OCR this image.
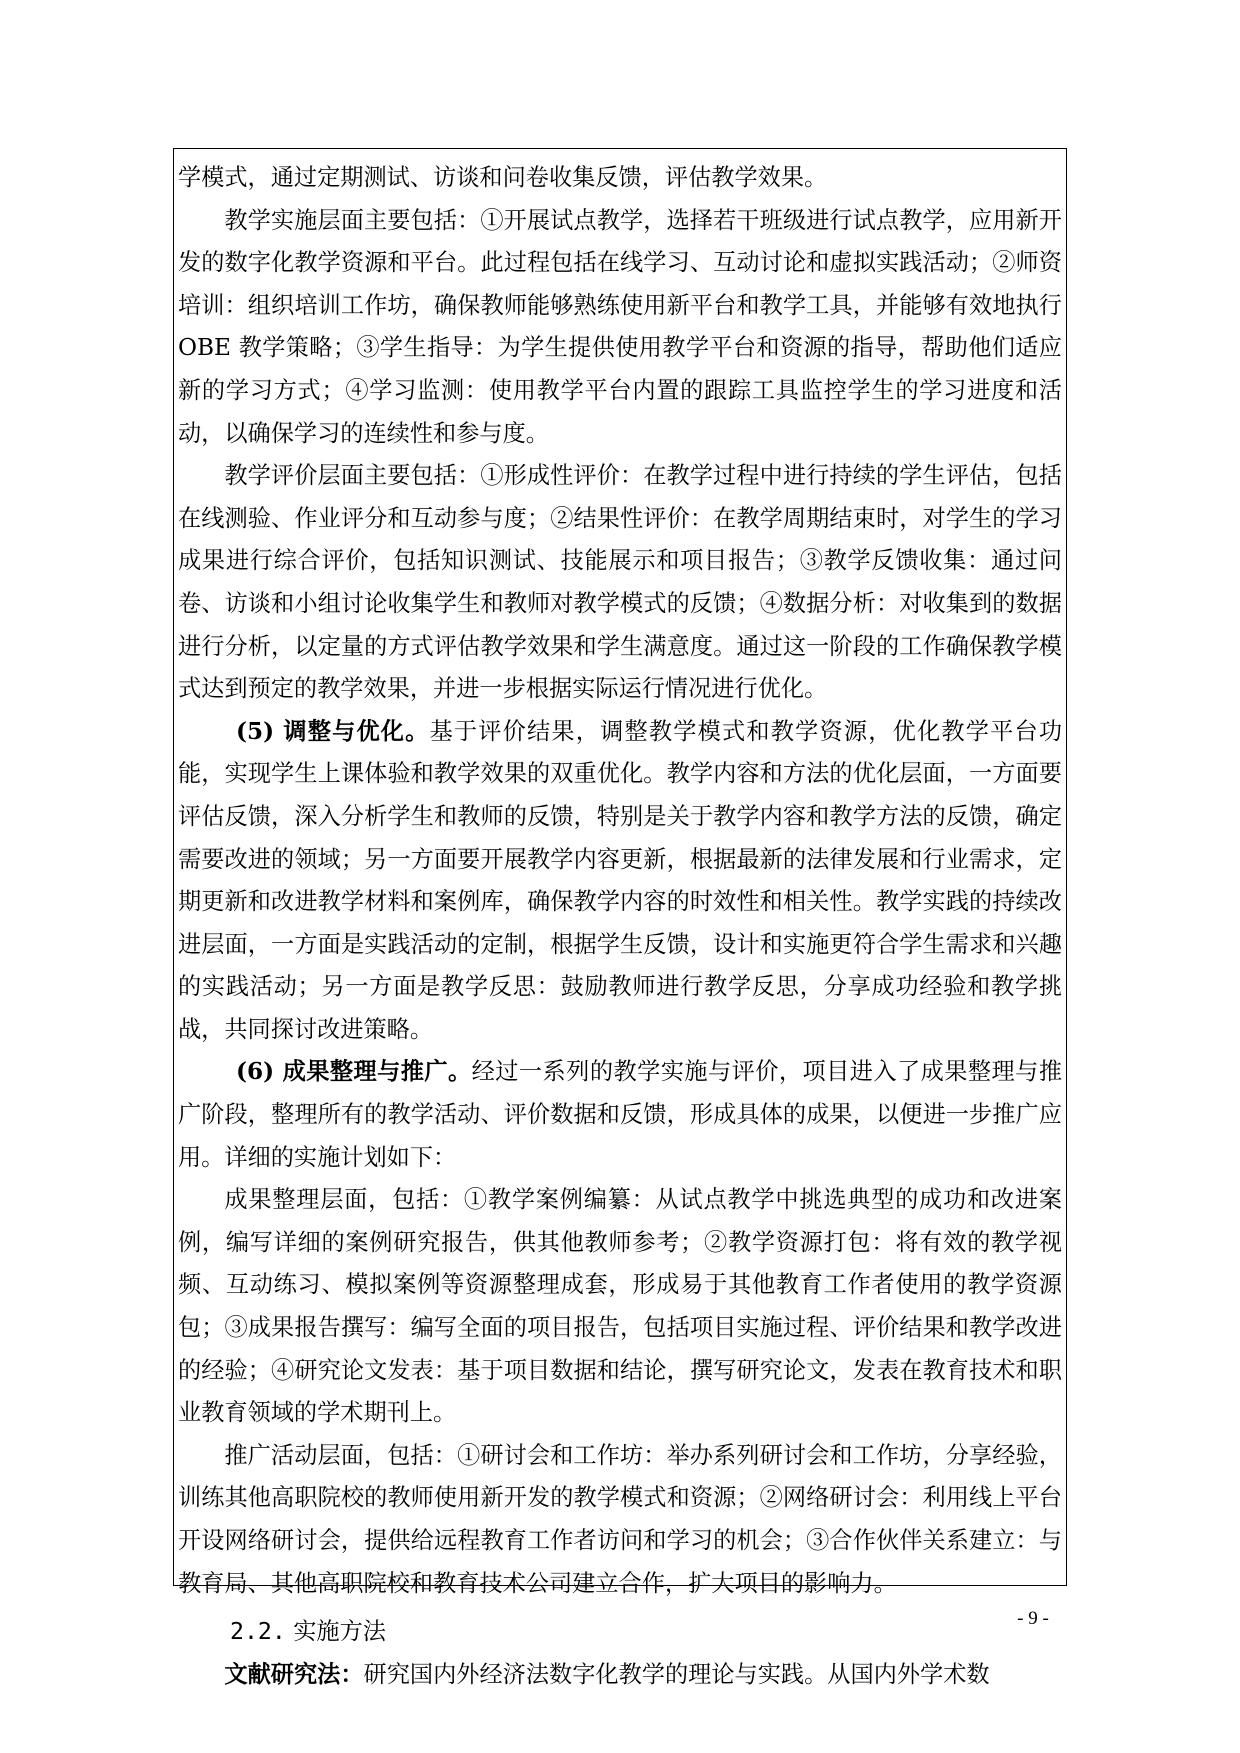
学模式，通过定期测试、访谈和问卷收集反馈，评估教学效果。

教学实施层面主要包括：①开展试点教学，选择若干班级进行试点教学，应用新开发的数字化教学资源和平台。此过程包括在线学习、互动讨论和虚拟实践活动；②师资培训：组织培训工作坊，确保教师能够熟练使用新平台和教学工具，并能够有效地执行 OBE 教学策略；③学生指导：为学生提供使用教学平台和资源的指导，帮助他们适应新的学习方式；④学习监测：使用教学平台内置的跟踪工具监控学生的学习进度和活动，以确保学习的连续性和参与度。

教学评价层面主要包括：①形成性评价：在教学过程中进行持续的学生评估，包括在线测验、作业评分和互动参与度；②结果性评价：在教学周期结束时，对学生的学习成果进行综合评价，包括知识测试、技能展示和项目报告；③教学反馈收集：通过问卷、访谈和小组讨论收集学生和教师对教学模式的反馈；④数据分析：对收集到的数据进行分析，以定量的方式评估教学效果和学生满意度。通过这一阶段的工作确保教学模式达到预定的教学效果，并进一步根据实际运行情况进行优化。

(5) 调整与优化。基于评价结果，调整教学模式和教学资源，优化教学平台功能，实现学生上课体验和教学效果的双重优化。教学内容和方法的优化层面，一方面要评估反馈，深入分析学生和教师的反馈，特别是关于教学内容和教学方法的反馈，确定需要改进的领域；另一方面要开展教学内容更新，根据最新的法律发展和行业需求，定期更新和改进教学材料和案例库，确保教学内容的时效性和相关性。教学实践的持续改进层面，一方面是实践活动的定制，根据学生反馈，设计和实施更符合学生需求和兴趣的实践活动；另一方面是教学反思：鼓励教师进行教学反思，分享成功经验和教学挑战，共同探讨改进策略。

(6) 成果整理与推广。经过一系列的教学实施与评价，项目进入了成果整理与推广阶段，整理所有的教学活动、评价数据和反馈，形成具体的成果，以便进一步推广应用。详细的实施计划如下：

成果整理层面，包括：①教学案例编纂：从试点教学中挑选典型的成功和改进案例，编写详细的案例研究报告，供其他教师参考；②教学资源打包：将有效的教学视频、互动练习、模拟案例等资源整理成套，形成易于其他教育工作者使用的教学资源包；③成果报告撰写：编写全面的项目报告，包括项目实施过程、评价结果和教学改进的经验；④研究论文发表：基于项目数据和结论，撰写研究论文，发表在教育技术和职业教育领域的学术期刊上。

推广活动层面，包括：①研讨会和工作坊：举办系列研讨会和工作坊，分享经验，训练其他高职院校的教师使用新开发的教学模式和资源；②网络研讨会：利用线上平台开设网络研讨会，提供给远程教育工作者访问和学习的机会；③合作伙伴关系建立：与教育局、其他高职院校和教育技术公司建立合作，扩大项目的影响力。

2.2. 实施方法

文献研究法：研究国内外经济法数字化教学的理论与实践。从国内外学术数

- 9 -
